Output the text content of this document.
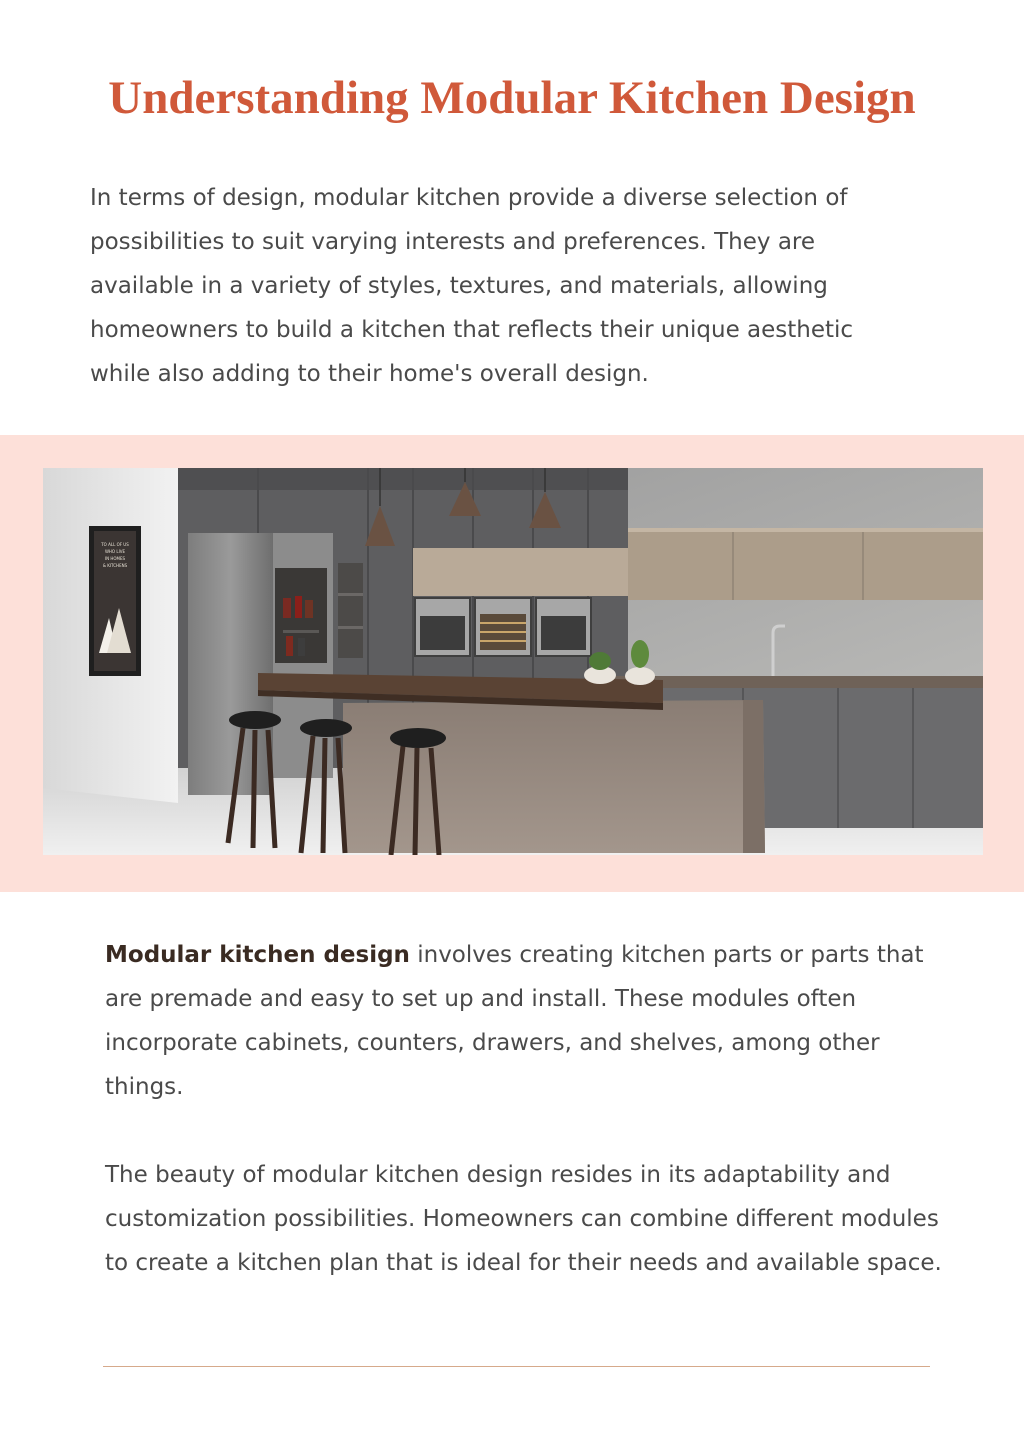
Understanding Modular Kitchen Design

In terms of design, modular kitchen provide a diverse selection of possibilities to suit varying interests and preferences. They are available in a variety of styles, textures, and materials, allowing homeowners to build a kitchen that reflects their unique aesthetic while also adding to their home's overall design.

TO ALL OF US
WHO LIVE
IN HOMES
& KITCHENS

Modular kitchen design involves creating kitchen parts or parts that are premade and easy to set up and install. These modules often incorporate cabinets, counters, drawers, and shelves, among other things.

The beauty of modular kitchen design resides in its adaptability and customization possibilities. Homeowners can combine different modules to create a kitchen plan that is ideal for their needs and available space.
